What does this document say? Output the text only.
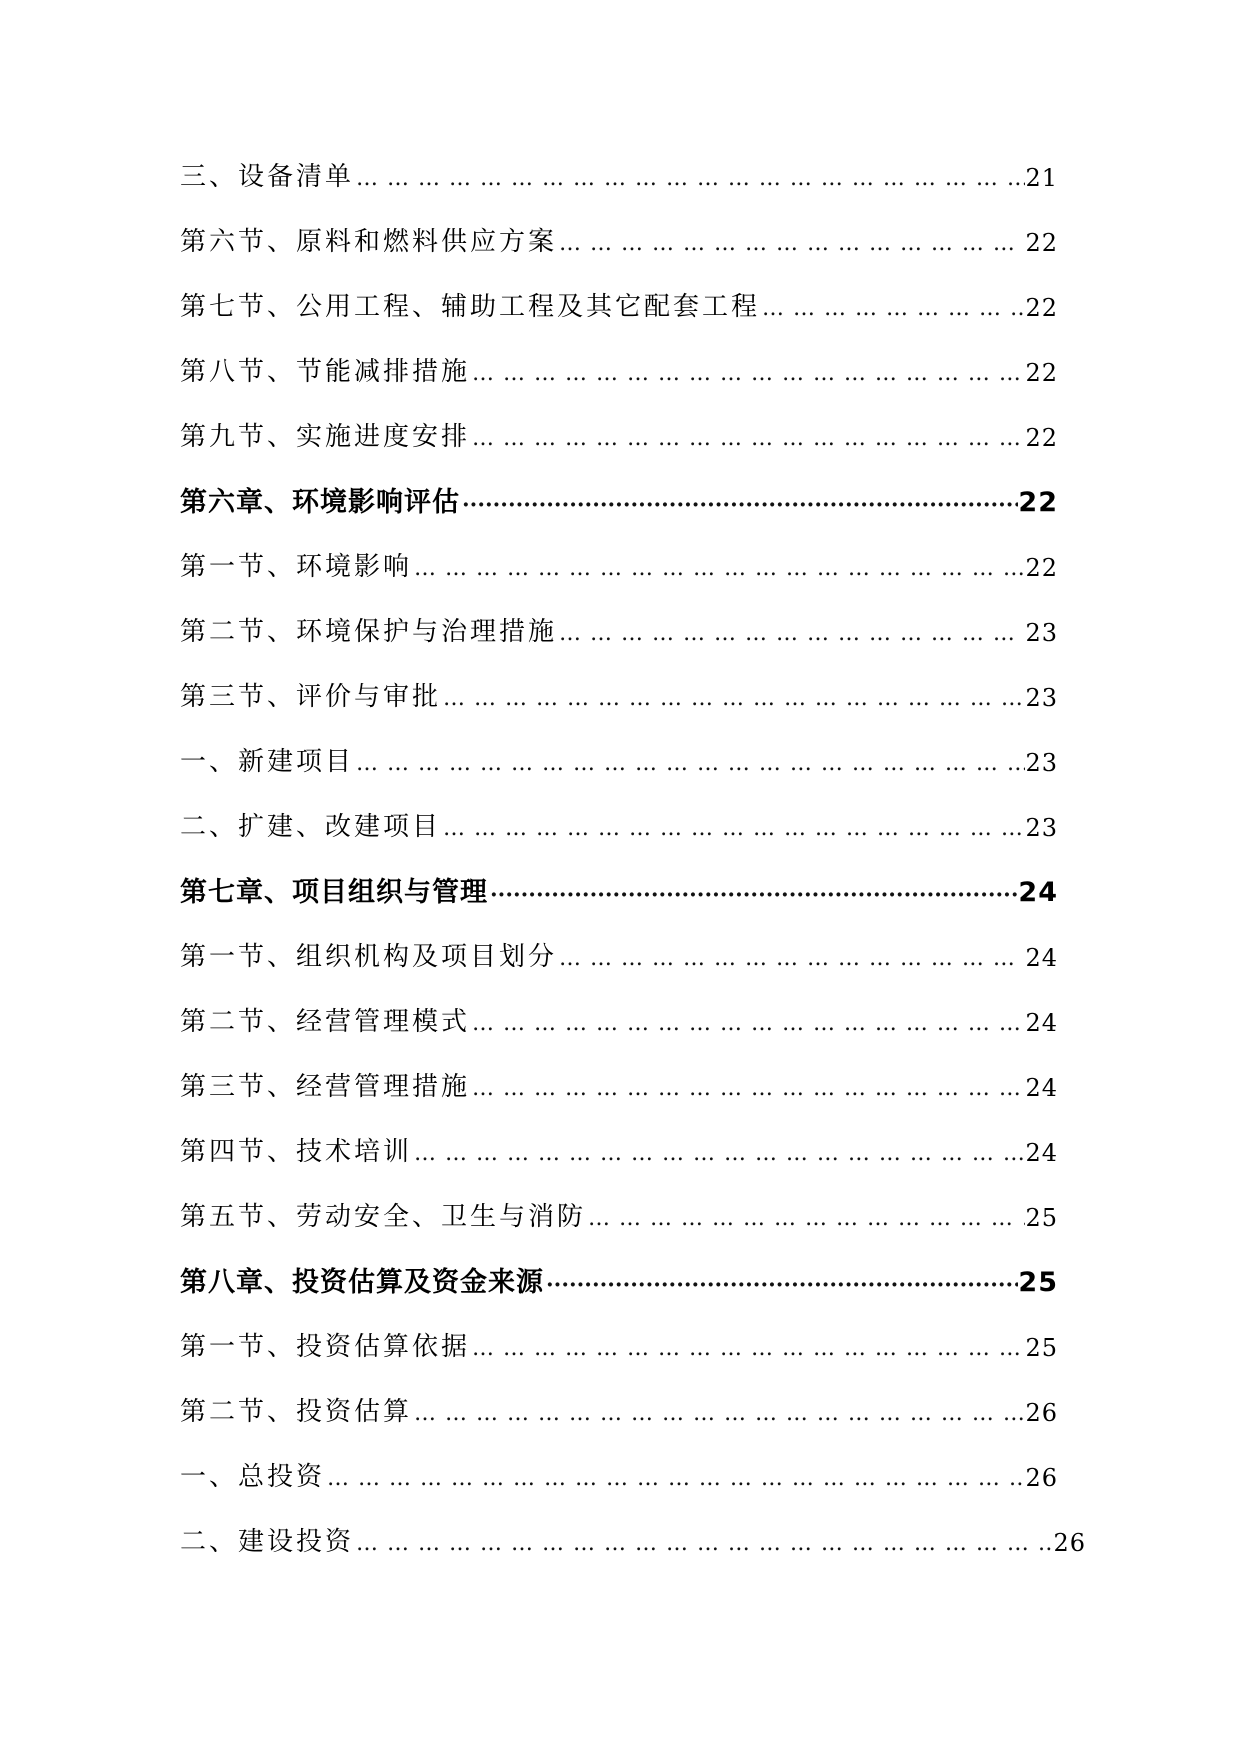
三、设备清单 … … … … … … … … … … … … … … … … … … … … … … … … … … … … … … … … … … … … … … … … … … … … … … … … … … … … … … … …	21
第六节、原料和燃料供应方案 … … … … … … … … … … … … … … … … … … … … … … … … … … … … … … … … … … … … … … … … … … … … … … … … … … … … … … … …	22
第七节、公用工程、辅助工程及其它配套工程 … … … … … … … … … … … … … … … … … … … … … … … … … … … … … … … … … … … … … … … … … … … … … … … … … … … … … … … …	22
第八节、节能减排措施 … … … … … … … … … … … … … … … … … … … … … … … … … … … … … … … … … … … … … … … … … … … … … … … … … … … … … … … …	22
第九节、实施进度安排 … … … … … … … … … … … … … … … … … … … … … … … … … … … … … … … … … … … … … … … … … … … … … … … … … … … … … … … …	22
第六章、环境影响评估 ·····	22
第一节、环境影响 … … … … … … … … … … … … … … … … … … … … … … … … … … … … … … … … … … … … … … … … … … … … … … … … … … … … … … … …	22
第二节、环境保护与治理措施 … … … … … … … … … … … … … … … … … … … … … … … … … … … … … … … … … … … … … … … … … … … … … … … … … … … … … … … …	23
第三节、评价与审批 … … … … … … … … … … … … … … … … … … … … … … … … … … … … … … … … … … … … … … … … … … … … … … … … … … … … … … … …	23
一、新建项目 … … … … … … … … … … … … … … … … … … … … … … … … … … … … … … … … … … … … … … … … … … … … … … … … … … … … … … … …	23
二、扩建、改建项目 … … … … … … … … … … … … … … … … … … … … … … … … … … … … … … … … … … … … … … … … … … … … … … … … … … … … … … … …	23
第七章、项目组织与管理 ·····	24
第一节、组织机构及项目划分 … … … … … … … … … … … … … … … … … … … … … … … … … … … … … … … … … … … … … … … … … … … … … … … … … … … … … … … …	24
第二节、经营管理模式 … … … … … … … … … … … … … … … … … … … … … … … … … … … … … … … … … … … … … … … … … … … … … … … … … … … … … … … …	24
第三节、经营管理措施 … … … … … … … … … … … … … … … … … … … … … … … … … … … … … … … … … … … … … … … … … … … … … … … … … … … … … … … …	24
第四节、技术培训 … … … … … … … … … … … … … … … … … … … … … … … … … … … … … … … … … … … … … … … … … … … … … … … … … … … … … … … …	24
第五节、劳动安全、卫生与消防 … … … … … … … … … … … … … … … … … … … … … … … … … … … … … … … … … … … … … … … … … … … … … … … … … … … … … … … …	25
第八章、投资估算及资金来源 ·····	25
第一节、投资估算依据 … … … … … … … … … … … … … … … … … … … … … … … … … … … … … … … … … … … … … … … … … … … … … … … … … … … … … … … …	25
第二节、投资估算 … … … … … … … … … … … … … … … … … … … … … … … … … … … … … … … … … … … … … … … … … … … … … … … … … … … … … … … …	26
一、总投资 … … … … … … … … … … … … … … … … … … … … … … … … … … … … … … … … … … … … … … … … … … … … … … … … … … … … … … … …	26
二、建设投资 … … … … … … … … … … … … … … … … … … … … … … … … … … … … … … … … … … … … … … … … … … … … … … … … … … … … … … … …	26
